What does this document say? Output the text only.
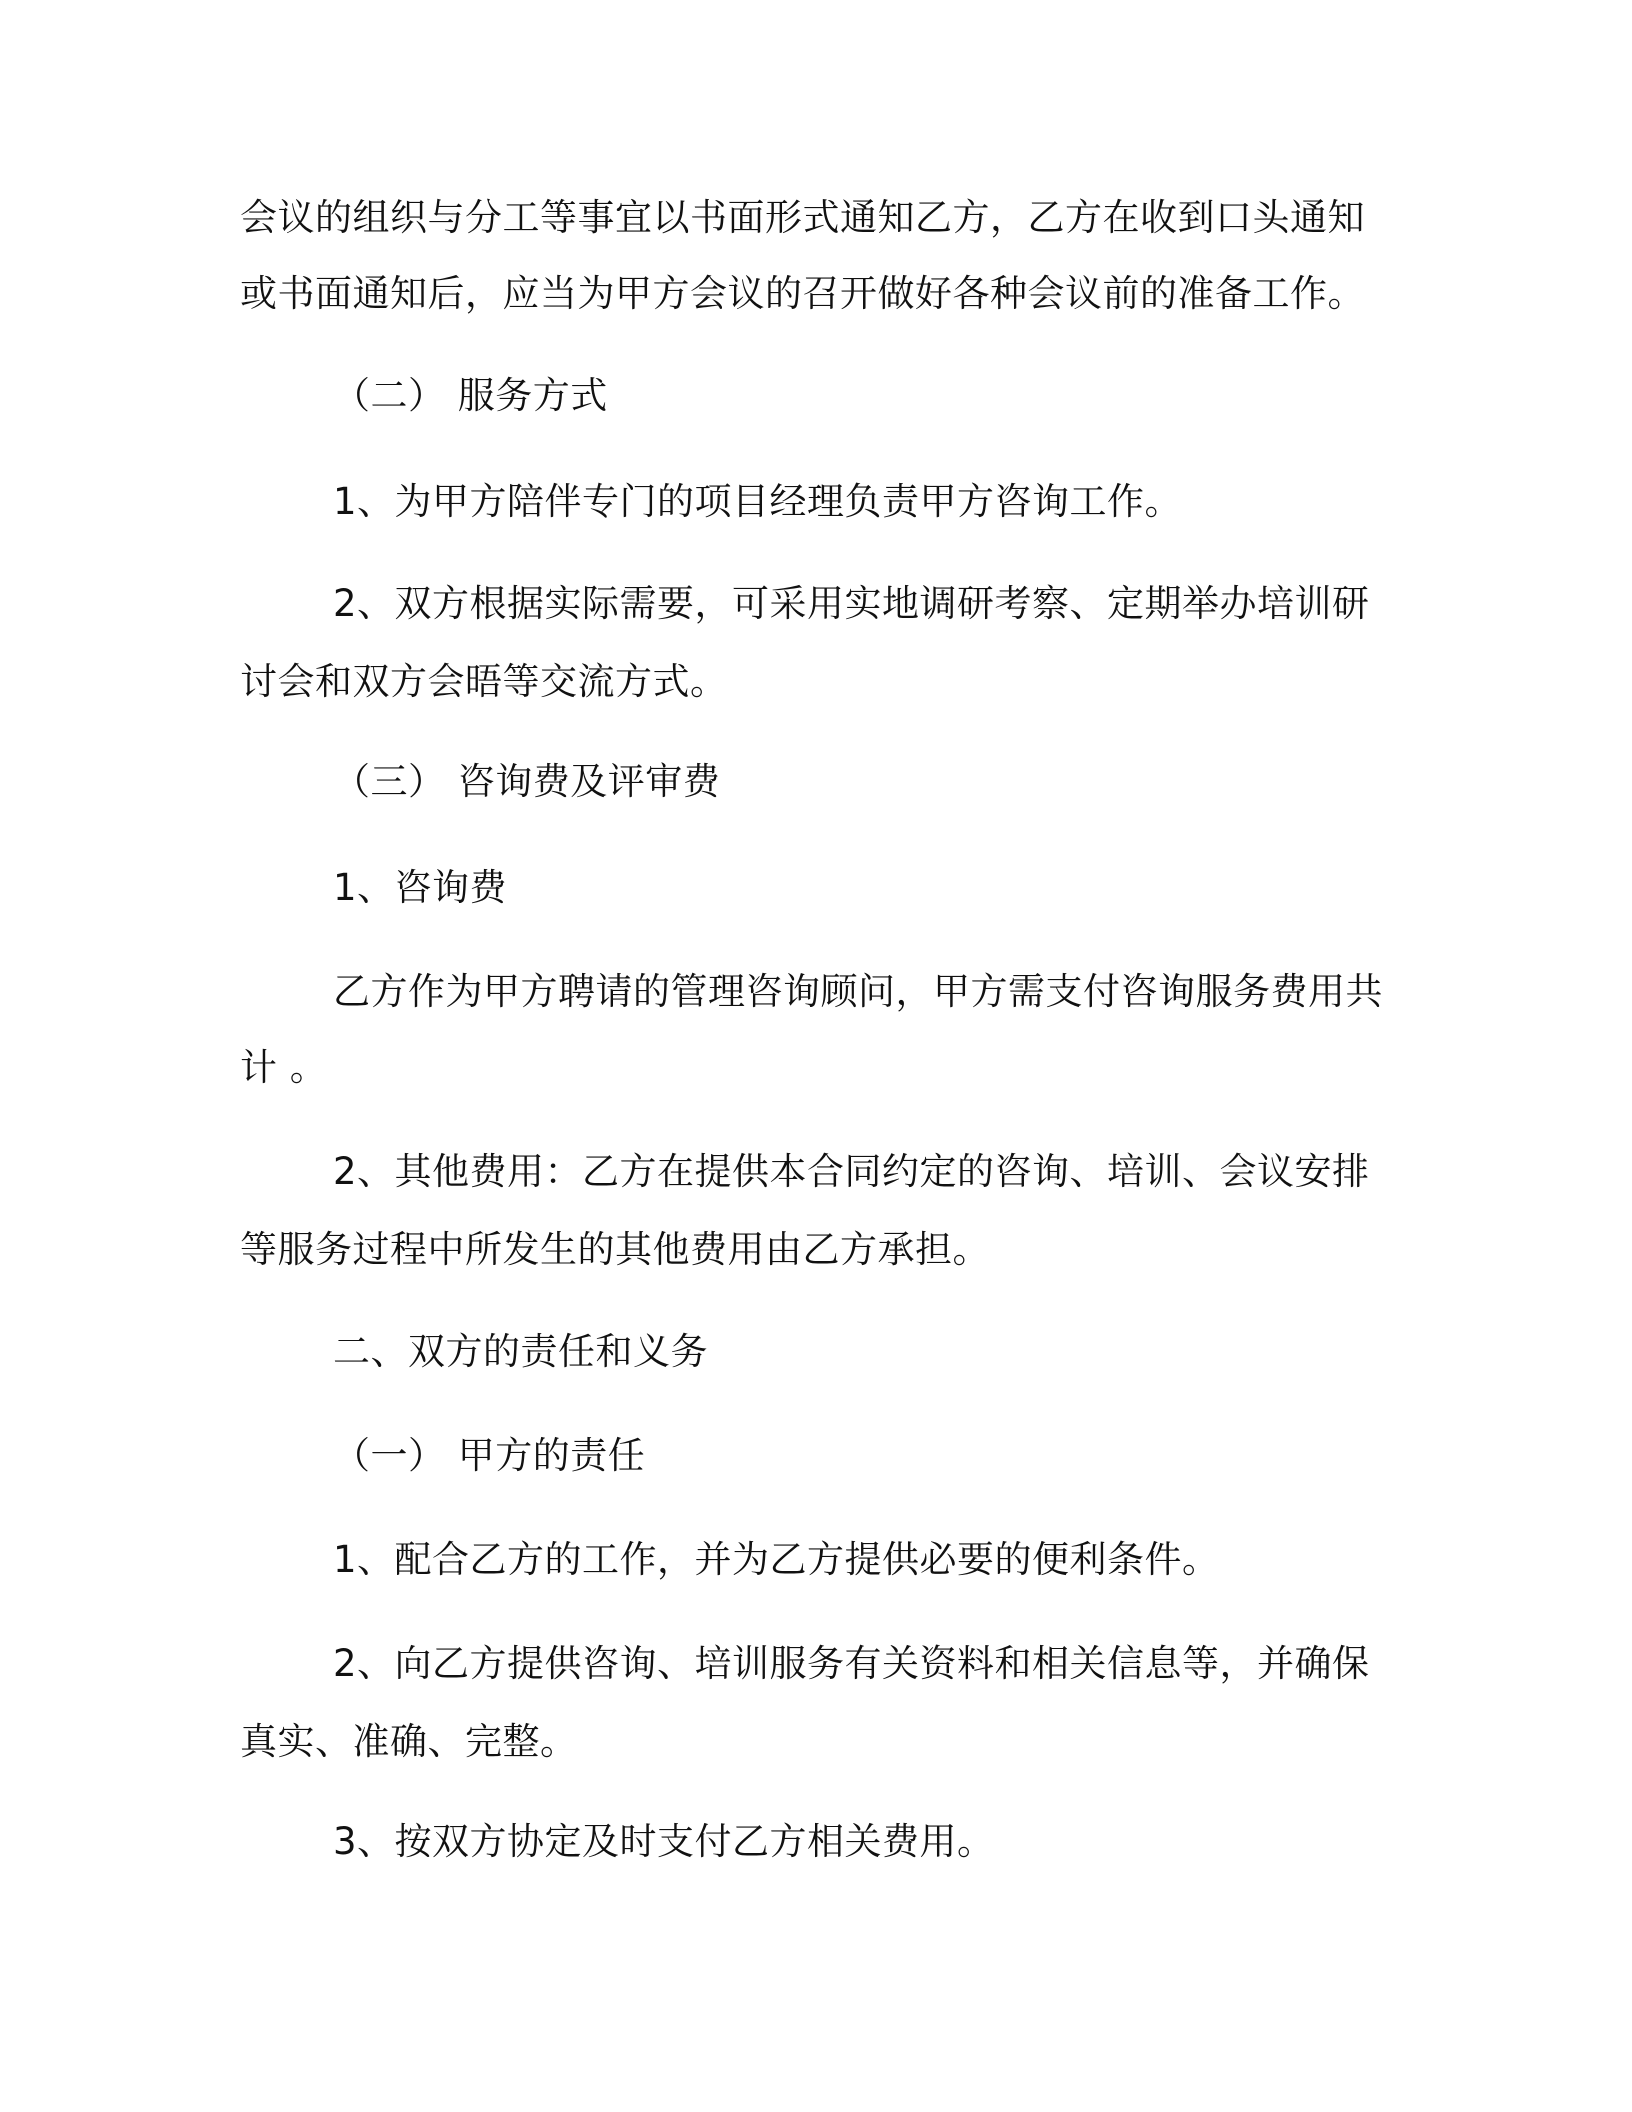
会议的组织与分工等事宜以书面形式通知乙方，乙方在收到口头通知
或书面通知后，应当为甲方会议的召开做好各种会议前的准备工作。
（二） 服务方式
1、为甲方陪伴专门的项目经理负责甲方咨询工作。
2、双方根据实际需要，可采用实地调研考察、定期举办培训研
讨会和双方会晤等交流方式。
（三） 咨询费及评审费
1、咨询费
乙方作为甲方聘请的管理咨询顾问，甲方需支付咨询服务费用共
计 。
2、其他费用：乙方在提供本合同约定的咨询、培训、会议安排
等服务过程中所发生的其他费用由乙方承担。
二、双方的责任和义务
（一） 甲方的责任
1、配合乙方的工作，并为乙方提供必要的便利条件。
2、向乙方提供咨询、培训服务有关资料和相关信息等，并确保
真实、准确、完整。
3、按双方协定及时支付乙方相关费用。
